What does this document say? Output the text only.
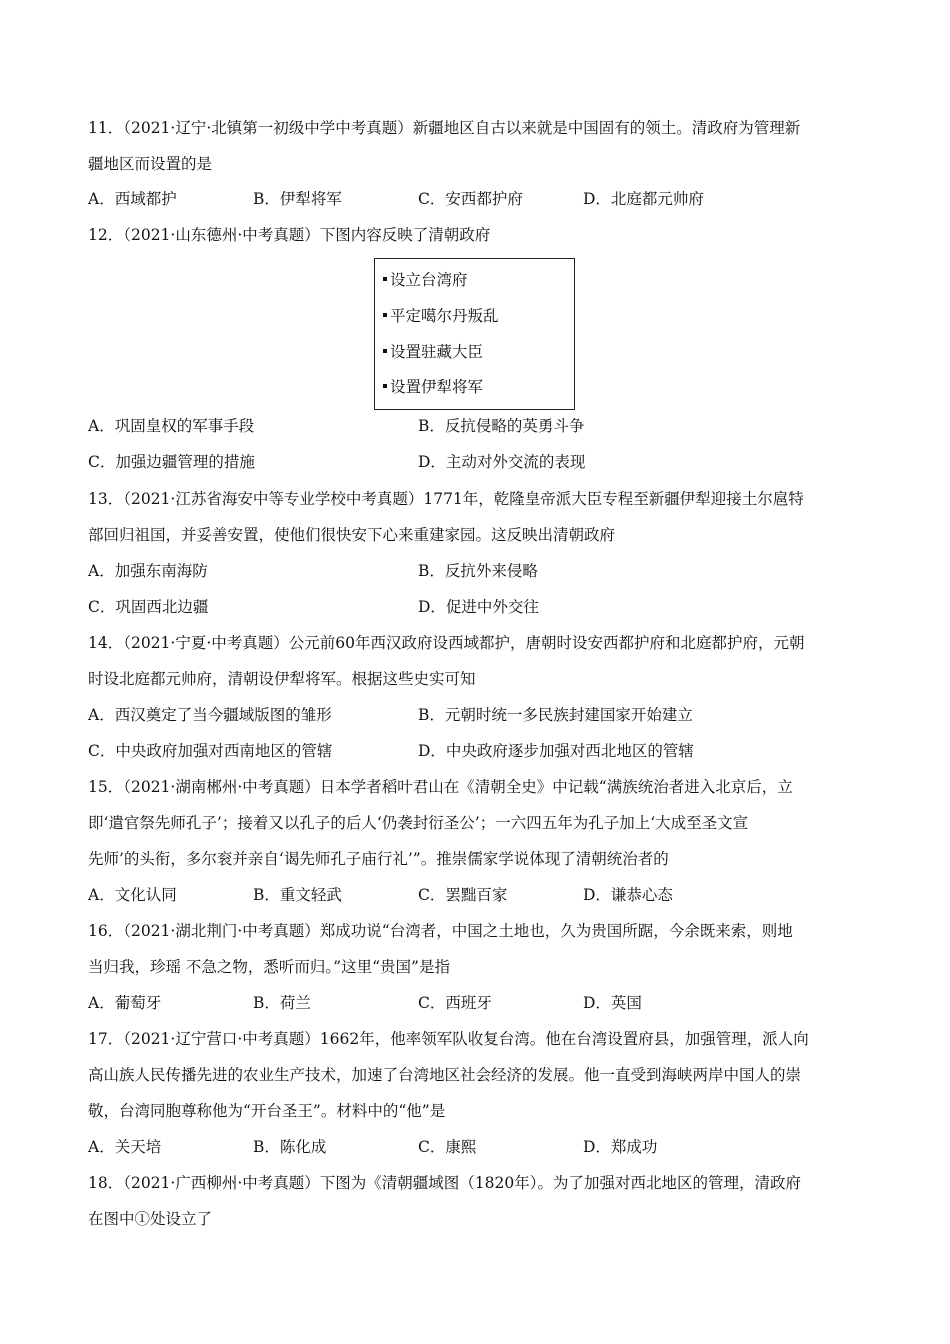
11．（2021·辽宁·北镇第一初级中学中考真题）新疆地区自古以来就是中国固有的领土。清政府为管理新
疆地区而设置的是
A．西域都护	B．伊犁将军	C．安西都护府	D．北庭都元帅府
12．（2021·山东德州·中考真题）下图内容反映了清朝政府
设立台湾府
平定噶尔丹叛乱
设置驻藏大臣
设置伊犁将军
A．巩固皇权的军事手段	B．反抗侵略的英勇斗争
C．加强边疆管理的措施	D．主动对外交流的表现
13．（2021·江苏省海安中等专业学校中考真题）1771年，乾隆皇帝派大臣专程至新疆伊犁迎接土尔扈特
部回归祖国，并妥善安置，使他们很快安下心来重建家园。这反映出清朝政府
A．加强东南海防	B．反抗外来侵略
C．巩固西北边疆	D．促进中外交往
14．（2021·宁夏·中考真题）公元前60年西汉政府设西域都护，唐朝时设安西都护府和北庭都护府，元朝
时设北庭都元帅府，清朝设伊犁将军。根据这些史实可知
A．西汉奠定了当今疆域版图的雏形	B．元朝时统一多民族封建国家开始建立
C．中央政府加强对西南地区的管辖	D．中央政府逐步加强对西北地区的管辖
15．（2021·湖南郴州·中考真题）日本学者稻叶君山在《清朝全史》中记载“满族统治者进入北京后，立
即‘遣官祭先师孔子’；接着又以孔子的后人‘仍袭封衍圣公’；一六四五年为孔子加上‘大成至圣文宣
先师’的头衔，多尔衮并亲自‘谒先师孔子庙行礼’”。推崇儒家学说体现了清朝统治者的
A．文化认同	B．重文轻武	C．罢黜百家	D．谦恭心态
16．（2021·湖北荆门·中考真题）郑成功说“台湾者，中国之土地也，久为贵国所踞，今余既来索，则地
当归我，珍瑶 不急之物，悉听而归。”这里“贵国”是指
A．葡萄牙	B．荷兰	C．西班牙	D．英国
17．（2021·辽宁营口·中考真题）1662年，他率领军队收复台湾。他在台湾设置府县，加强管理，派人向
高山族人民传播先进的农业生产技术，加速了台湾地区社会经济的发展。他一直受到海峡两岸中国人的崇
敬，台湾同胞尊称他为“开台圣王”。材料中的“他”是
A．关天培	B．陈化成	C．康熙	D．郑成功
18．（2021·广西柳州·中考真题）下图为《清朝疆域图（1820年）。为了加强对西北地区的管理，清政府
在图中①处设立了
